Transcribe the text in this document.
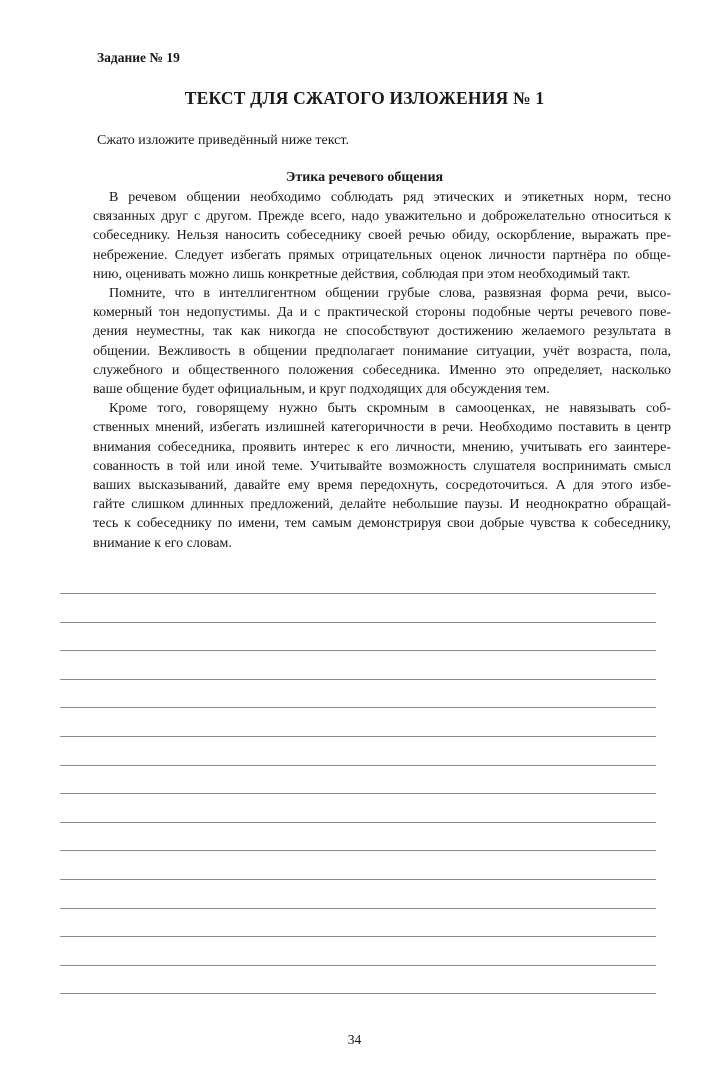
Задание № 19
ТЕКСТ ДЛЯ СЖАТОГО ИЗЛОЖЕНИЯ № 1
Сжато изложите приведённый ниже текст.
Этика речевого общения

В речевом общении необходимо соблюдать ряд этических и этикетных норм, тесно
связанных друг с другом. Прежде всего, надо уважительно и доброжелательно относиться к
собеседнику. Нельзя наносить собеседнику своей речью обиду, оскорбление, выражать пре-
небрежение. Следует избегать прямых отрицательных оценок личности партнёра по обще-
нию, оценивать можно лишь конкретные действия, соблюдая при этом необходимый такт.

Помните, что в интеллигентном общении грубые слова, развязная форма речи, высо-
комерный тон недопустимы. Да и с практической стороны подобные черты речевого пове-
дения неуместны, так как никогда не способствуют достижению желаемого результата в
общении. Вежливость в общении предполагает понимание ситуации, учёт возраста, пола,
служебного и общественного положения собеседника. Именно это определяет, насколько
ваше общение будет официальным, и круг подходящих для обсуждения тем.

Кроме того, говорящему нужно быть скромным в самооценках, не навязывать соб-
ственных мнений, избегать излишней категоричности в речи. Необходимо поставить в центр
внимания собеседника, проявить интерес к его личности, мнению, учитывать его заинтере-
сованность в той или иной теме. Учитывайте возможность слушателя воспринимать смысл
ваших высказываний, давайте ему время передохнуть, сосредоточиться. А для этого избе-
гайте слишком длинных предложений, делайте небольшие паузы. И неоднократно обращай-
тесь к собеседнику по имени, тем самым демонстрируя свои добрые чувства к собеседнику,
внимание к его словам.

34
